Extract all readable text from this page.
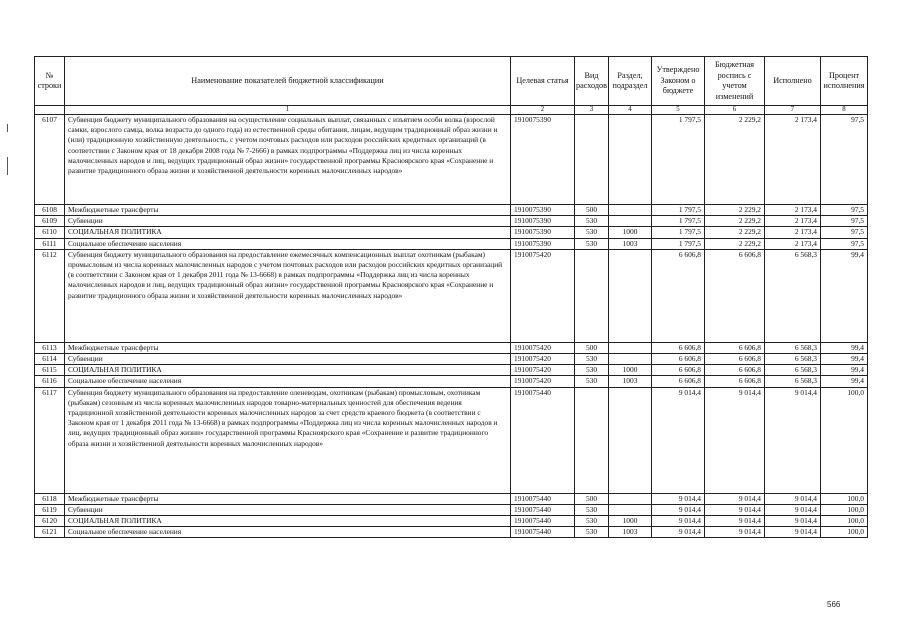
№ строки	Наименование показателей бюджетной классификации	Целевая статья	Вид расходов	Раздел, подраздел	Утверждено Законом о бюджете	Бюджетная роспись с учетом изменений	Исполнено	Процент исполнения
	1	2	3	4	5	6	7	8
6107	Субвенция бюджету муниципального образования на осуществление социальных выплат, связанных с изъятием особи волка (взрослой самки, взрослого самца, волка возраста до одного года) из естественной среды обитания, лицам, ведущим традиционный образ жизни и (или) традиционную хозяйственную деятельность, с учетом почтовых расходов или расходов российских кредитных организаций (в соответствии с Законом края от 18 декабря 2008 года № 7-2666) в рамках подпрограммы «Поддержка лиц из числа коренных малочисленных народов и лиц, ведущих традиционный образ жизни» государственной программы Красноярского края «Сохранение и развитие традиционного образа жизни и хозяйственной деятельности коренных малочисленных народов»	1910075390			1 797,5	2 229,2	2 173,4	97,5
6108	Межбюджетные трансферты	1910075390	500		1 797,5	2 229,2	2 173,4	97,5
6109	Субвенции	1910075390	530		1 797,5	2 229,2	2 173,4	97,5
6110	СОЦИАЛЬНАЯ ПОЛИТИКА	1910075390	530	1000	1 797,5	2 229,2	2 173,4	97,5
6111	Социальное обеспечение населения	1910075390	530	1003	1 797,5	2 229,2	2 173,4	97,5
6112	Субвенция бюджету муниципального образования на предоставление ежемесячных компенсационных выплат охотникам (рыбакам) промысловым из числа коренных малочисленных народов с учетом почтовых расходов или расходов российских кредитных организаций (в соответствии с Законом края от 1 декабря 2011 года № 13-6668) в рамках подпрограммы «Поддержка лиц из числа коренных малочисленных народов и лиц, ведущих традиционный образ жизни» государственной программы Красноярского края «Сохранение и развитие традиционного образа жизни и хозяйственной деятельности коренных малочисленных народов»	1910075420			6 606,8	6 606,8	6 568,3	99,4
6113	Межбюджетные трансферты	1910075420	500		6 606,8	6 606,8	6 568,3	99,4
6114	Субвенции	1910075420	530		6 606,8	6 606,8	6 568,3	99,4
6115	СОЦИАЛЬНАЯ ПОЛИТИКА	1910075420	530	1000	6 606,8	6 606,8	6 568,3	99,4
6116	Социальное обеспечение населения	1910075420	530	1003	6 606,8	6 606,8	6 568,3	99,4
6117	Субвенция бюджету муниципального образования на предоставление оленеводам, охотникам (рыбакам) промысловым, охотникам (рыбакам) сезонным из числа коренных малочисленных народов товарно-материальных ценностей для обеспечения ведения традиционной хозяйственной деятельности коренных малочисленных народов за счет средств краевого бюджета (в соответствии с Законом края от 1 декабря 2011 года № 13-6668) в рамках подпрограммы «Поддержка лиц из числа коренных малочисленных народов и лиц, ведущих традиционный образ жизни» государственной программы Красноярского края «Сохранение и развитие традиционного образа жизни и хозяйственной деятельности коренных малочисленных народов»	1910075440			9 014,4	9 014,4	9 014,4	100,0
6118	Межбюджетные трансферты	1910075440	500		9 014,4	9 014,4	9 014,4	100,0
6119	Субвенции	1910075440	530		9 014,4	9 014,4	9 014,4	100,0
6120	СОЦИАЛЬНАЯ ПОЛИТИКА	1910075440	530	1000	9 014,4	9 014,4	9 014,4	100,0
6121	Социальное обеспечение населения	1910075440	530	1003	9 014,4	9 014,4	9 014,4	100,0
566
